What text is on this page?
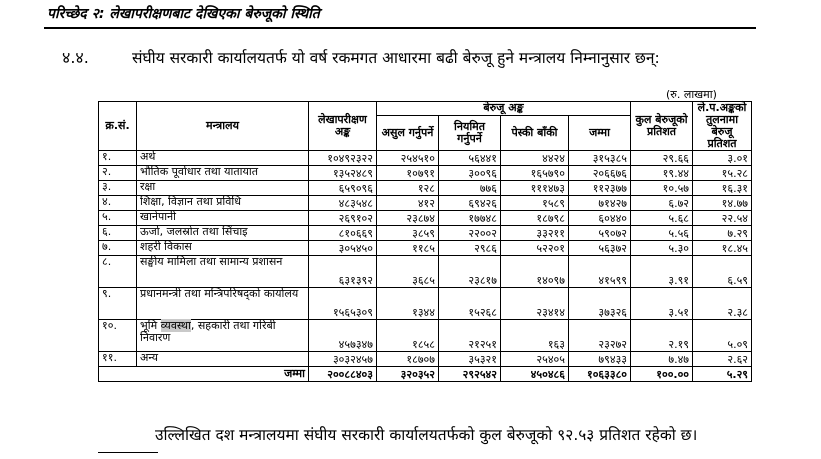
परिच्छेद २: लेखापरीक्षणबाट देखिएका बेरुजूको स्थिति
४.४.	संघीय सरकारी कार्यालयतर्फ यो वर्ष रकमगत आधारमा बढी बेरुजू हुने मन्त्रालय निम्नानुसार छन्:
(रु. लाखमा)
क्र.सं.	मन्त्रालय	लेखापरीक्षण अङ्क	बेरुजू अङ्क				कुल बेरुजूको प्रतिशत	ले.प.अङ्कको तुलनामा बेरुजू प्रतिशत
			असुल गर्नुपर्ने	नियमित गर्नुपर्ने	पेस्की बाँकी	जम्मा		
१.	अर्थ	१०४९२३२२	२५४५१०	५६४४१	४४२४	३१५३८५	२९.६६	३.०१
२.	भौतिक पूर्वाधार तथा यातायात	१३५२४८९	१०७९१	३००९६	१६५७९०	२०६६७६	१९.४४	१५.२८
३.	रक्षा	६५९०९६	१२८	७७६	१११४७३	११२३७७	१०.५७	१६.३१
४.	शिक्षा, विज्ञान तथा प्रविधि	४८३५४८	४१२	६९४२६	१५८९	७१४२७	६.७२	१४.७७
५.	खानेपानी	२६९१०२	२३८७४	१७७४८	१८७९८	६०४४०	५.६८	२२.५४
६.	ऊर्जा, जलस्रोत तथा सिंचाइ	८१०६६९	३८५९	२२००२	३३२११	५९०७२	५.५६	७.२९
७.	शहरी विकास	३०५४५०	११८५	२९८६	५२२०१	५६३७२	५.३०	१८.४५
८.	सङ्घीय मामिला तथा सामान्य प्रशासन	६३१३९२	३६८५	२३८१७	१४०९७	४१५९९	३.९१	६.५९
९.	प्रधानमन्त्री तथा मन्त्रिपरिषद्को कार्यालय	१५६५३०९	१३४४	१५२६८	२३४१४	३७३२६	३.५१	२.३८
१०.	भूमि व्यवस्था, सहकारी तथा गरिबी निवारण	४५७३४७	१८५८	२१२५१	१६३	२३२७२	२.१९	५.०९
११.	अन्य	३०३२४५७	१८७०७	३५३२१	२५४०५	७९४३३	७.४७	२.६२
जम्मा		२००८८४०३	३२०३५२	२९२५४२	४५०४८६	१०६३३८०	१००.००	५.२९
उल्लिखित दश मन्त्रालयमा संघीय सरकारी कार्यालयतर्फको कुल बेरुजूको ९२.५३ प्रतिशत रहेको छ।
